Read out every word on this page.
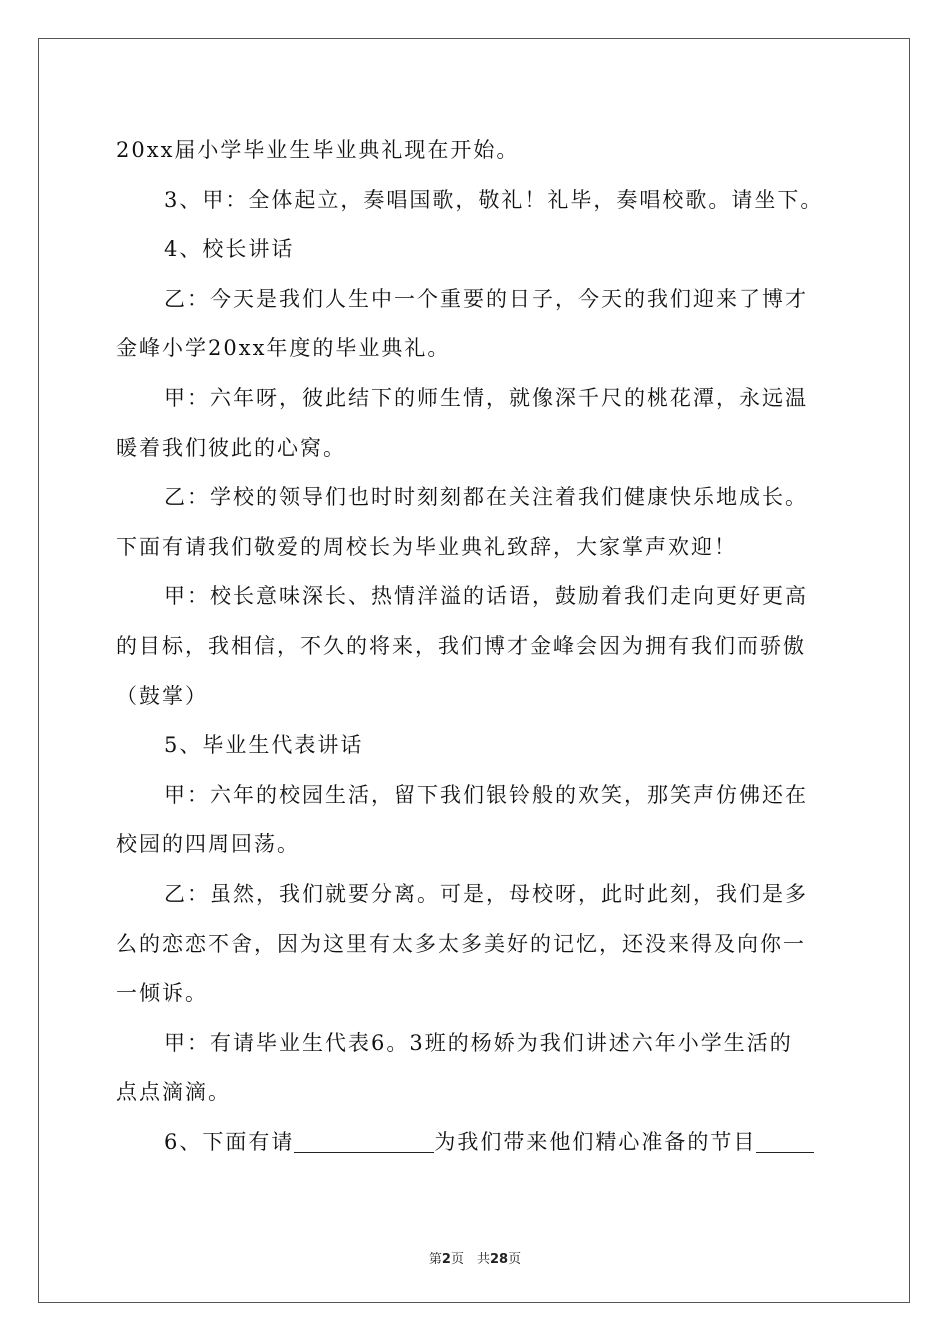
20xx届小学毕业生毕业典礼现在开始。
3、甲：全体起立，奏唱国歌，敬礼！礼毕，奏唱校歌。请坐下。
4、校长讲话
乙：今天是我们人生中一个重要的日子，今天的我们迎来了博才
金峰小学20xx年度的毕业典礼。
甲：六年呀，彼此结下的师生情，就像深千尺的桃花潭，永远温
暖着我们彼此的心窝。
乙：学校的领导们也时时刻刻都在关注着我们健康快乐地成长。
下面有请我们敬爱的周校长为毕业典礼致辞，大家掌声欢迎！
甲：校长意味深长、热情洋溢的话语，鼓励着我们走向更好更高
的目标，我相信，不久的将来，我们博才金峰会因为拥有我们而骄傲
（鼓掌）
5、毕业生代表讲话
甲：六年的校园生活，留下我们银铃般的欢笑，那笑声仿佛还在
校园的四周回荡。
乙：虽然，我们就要分离。可是，母校呀，此时此刻，我们是多
么的恋恋不舍，因为这里有太多太多美好的记忆，还没来得及向你一
一倾诉。
甲：有请毕业生代表6。3班的杨娇为我们讲述六年小学生活的
点点滴滴。
6、下面有请	为我们带来他们精心准备的节目
第2页　共28页
